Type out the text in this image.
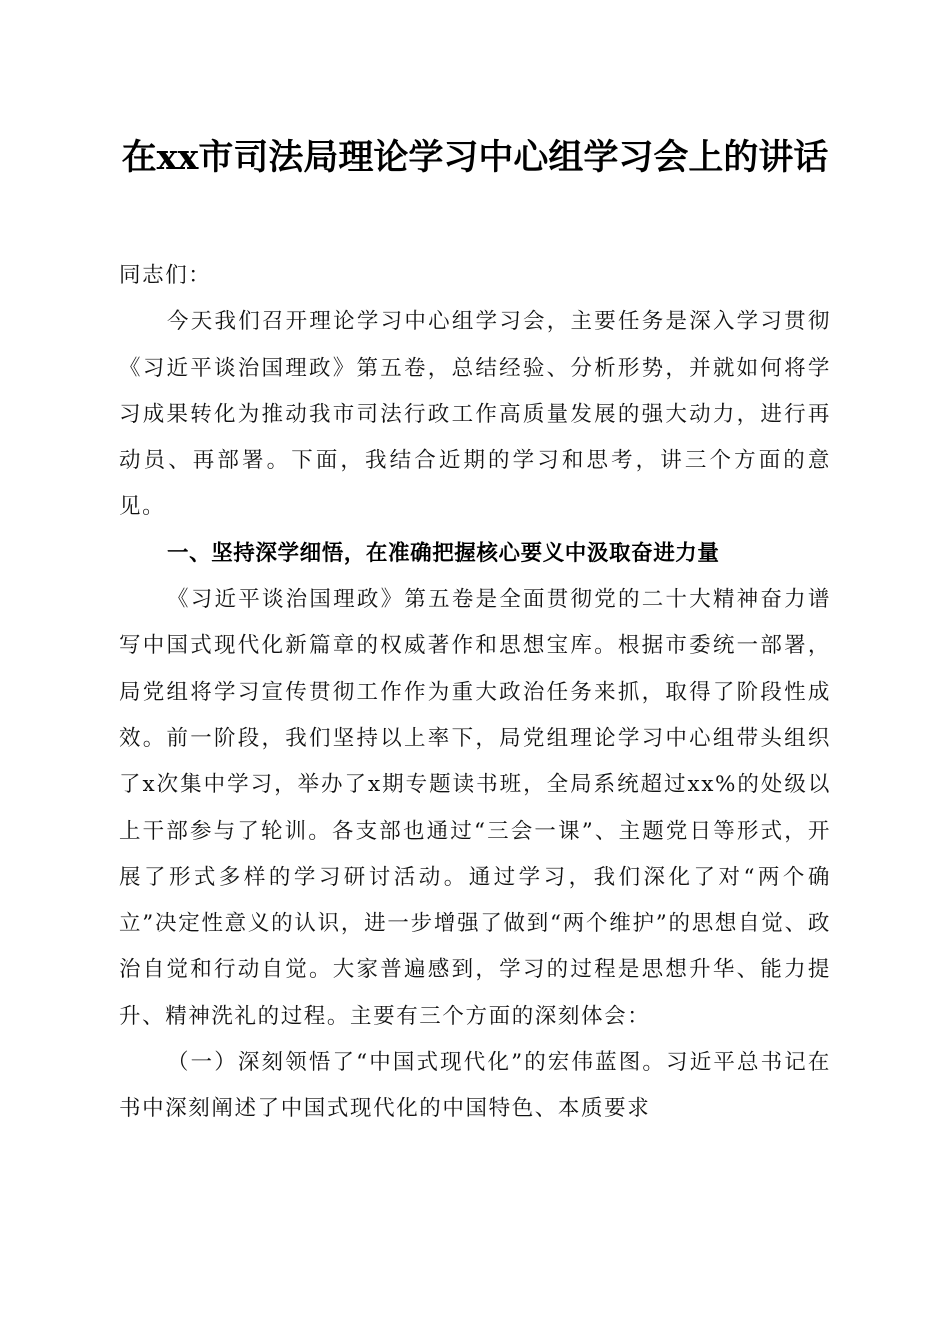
在xx市司法局理论学习中心组学习会上的讲话

同志们：

今天我们召开理论学习中心组学习会，主要任务是深入学习贯彻《习近平谈治国理政》第五卷，总结经验、分析形势，并就如何将学习成果转化为推动我市司法行政工作高质量发展的强大动力，进行再动员、再部署。下面，我结合近期的学习和思考，讲三个方面的意见。

一、坚持深学细悟，在准确把握核心要义中汲取奋进力量

《习近平谈治国理政》第五卷是全面贯彻党的二十大精神奋力谱写中国式现代化新篇章的权威著作和思想宝库。根据市委统一部署，局党组将学习宣传贯彻工作作为重大政治任务来抓，取得了阶段性成效。前一阶段，我们坚持以上率下，局党组理论学习中心组带头组织了x次集中学习，举办了x期专题读书班，全局系统超过xx%的处级以上干部参与了轮训。各支部也通过“三会一课”、主题党日等形式，开展了形式多样的学习研讨活动。通过学习，我们深化了对“两个确立”决定性意义的认识，进一步增强了做到“两个维护”的思想自觉、政治自觉和行动自觉。大家普遍感到，学习的过程是思想升华、能力提升、精神洗礼的过程。主要有三个方面的深刻体会：

（一）深刻领悟了“中国式现代化”的宏伟蓝图。习近平总书记在书中深刻阐述了中国式现代化的中国特色、本质要求
